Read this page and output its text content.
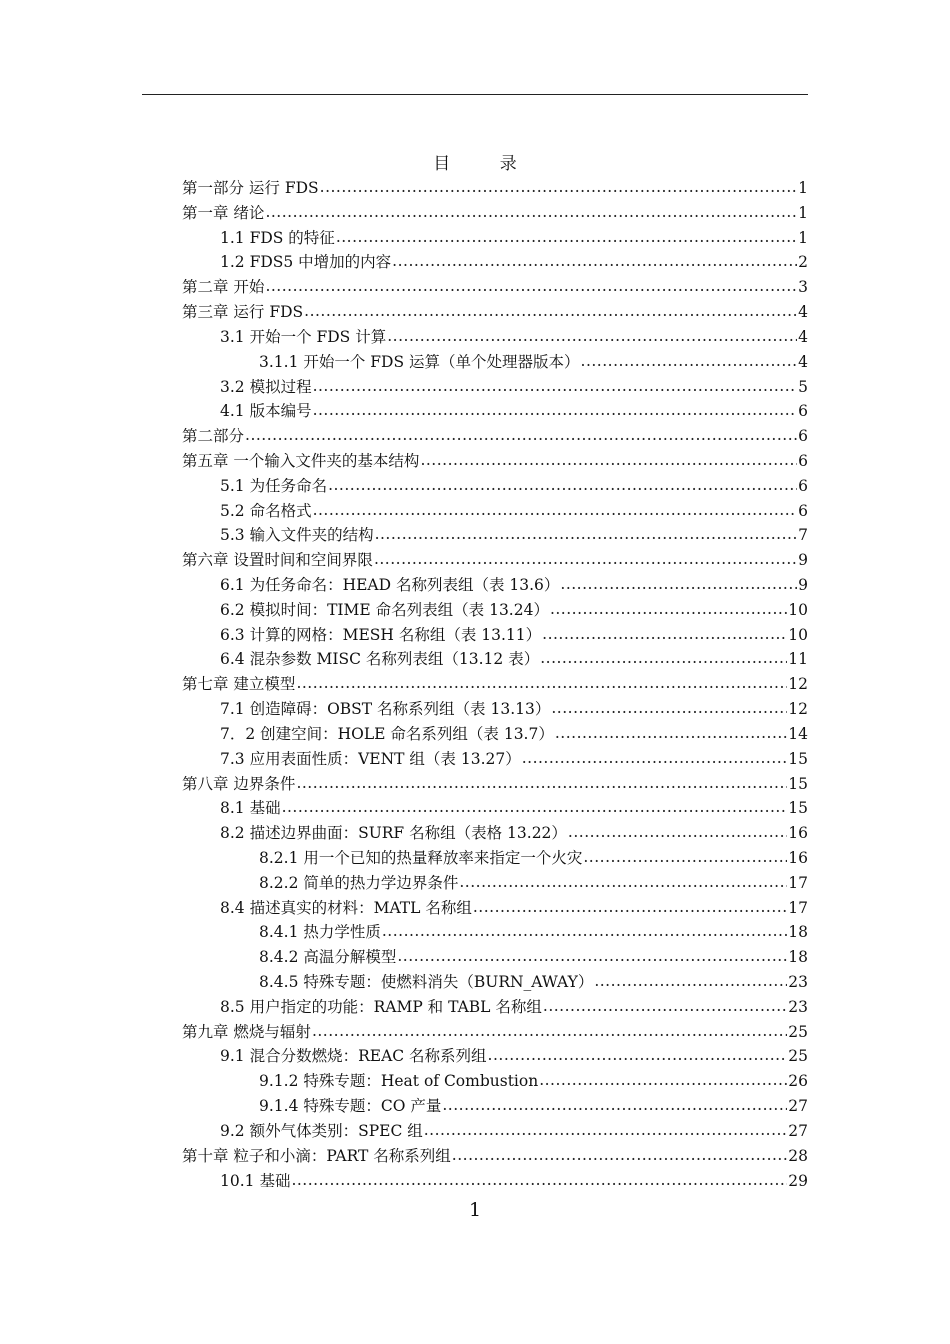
目 录
第一部分 运行 FDS .....	1
第一章 绪论 .....	1
1.1 FDS 的特征 .....	1
1.2 FDS5 中增加的内容 .....	2
第二章 开始 .....	3
第三章 运行 FDS .....	4
3.1 开始一个 FDS 计算 .....	4
3.1.1 开始一个 FDS 运算（单个处理器版本） .....	4
3.2 模拟过程 .....	5
4.1 版本编号 .....	6
第二部分 .....	6
第五章 一个输入文件夹的基本结构 .....	6
5.1 为任务命名 .....	6
5.2 命名格式 .....	6
5.3 输入文件夹的结构 .....	7
第六章 设置时间和空间界限 .....	9
6.1 为任务命名：HEAD 名称列表组（表 13.6） .....	9
6.2 模拟时间：TIME 命名列表组（表 13.24） .....	10
6.3 计算的网格：MESH 名称组（表 13.11） .....	10
6.4 混杂参数 MISC 名称列表组（13.12 表） .....	11
第七章 建立模型 .....	12
7.1 创造障碍：OBST 名称系列组（表 13.13） .....	12
7．2 创建空间：HOLE 命名系列组（表 13.7） .....	14
7.3 应用表面性质：VENT 组（表 13.27） .....	15
第八章 边界条件 .....	15
8.1 基础 .....	15
8.2 描述边界曲面：SURF 名称组（表格 13.22） .....	16
8.2.1 用一个已知的热量释放率来指定一个火灾 .....	16
8.2.2 简单的热力学边界条件 .....	17
8.4 描述真实的材料：MATL 名称组 .....	17
8.4.1 热力学性质 .....	18
8.4.2 高温分解模型 .....	18
8.4.5 特殊专题：使燃料消失（BURN_AWAY） .....	23
8.5 用户指定的功能：RAMP 和 TABL 名称组 .....	23
第九章 燃烧与辐射 .....	25
9.1 混合分数燃烧：REAC 名称系列组 .....	25
9.1.2 特殊专题：Heat of Combustion .....	26
9.1.4 特殊专题：CO 产量 .....	27
9.2 额外气体类别：SPEC 组 .....	27
第十章 粒子和小滴：PART 名称系列组 .....	28
10.1 基础 .....	29
1
